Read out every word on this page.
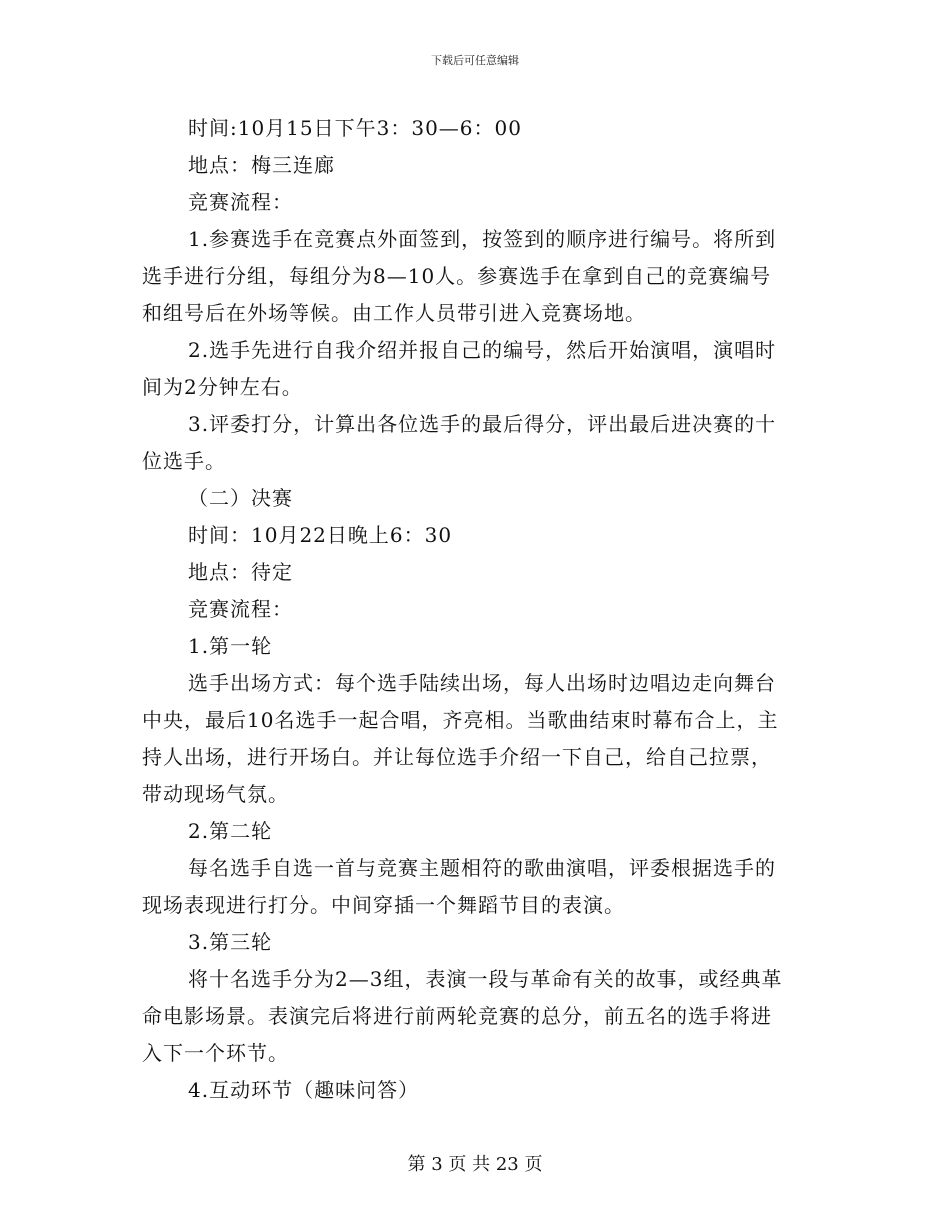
下载后可任意编辑

时间:10月15日下午3：30—6：00

地点：梅三连廊

竞赛流程：

1.参赛选手在竞赛点外面签到，按签到的顺序进行编号。将所到

选手进行分组，每组分为8—10人。参赛选手在拿到自己的竞赛编号

和组号后在外场等候。由工作人员带引进入竞赛场地。

2.选手先进行自我介绍并报自己的编号，然后开始演唱，演唱时

间为2分钟左右。

3.评委打分，计算出各位选手的最后得分，评出最后进决赛的十

位选手。

（二）决赛

时间：10月22日晚上6：30

地点：待定

竞赛流程：

1.第一轮

选手出场方式：每个选手陆续出场，每人出场时边唱边走向舞台

中央，最后10名选手一起合唱，齐亮相。当歌曲结束时幕布合上，主

持人出场，进行开场白。并让每位选手介绍一下自己，给自己拉票，

带动现场气氛。

2.第二轮

每名选手自选一首与竞赛主题相符的歌曲演唱，评委根据选手的

现场表现进行打分。中间穿插一个舞蹈节目的表演。

3.第三轮

将十名选手分为2—3组，表演一段与革命有关的故事，或经典革

命电影场景。表演完后将进行前两轮竞赛的总分，前五名的选手将进

入下一个环节。

4.互动环节（趣味问答）

第 3 页 共 23 页
